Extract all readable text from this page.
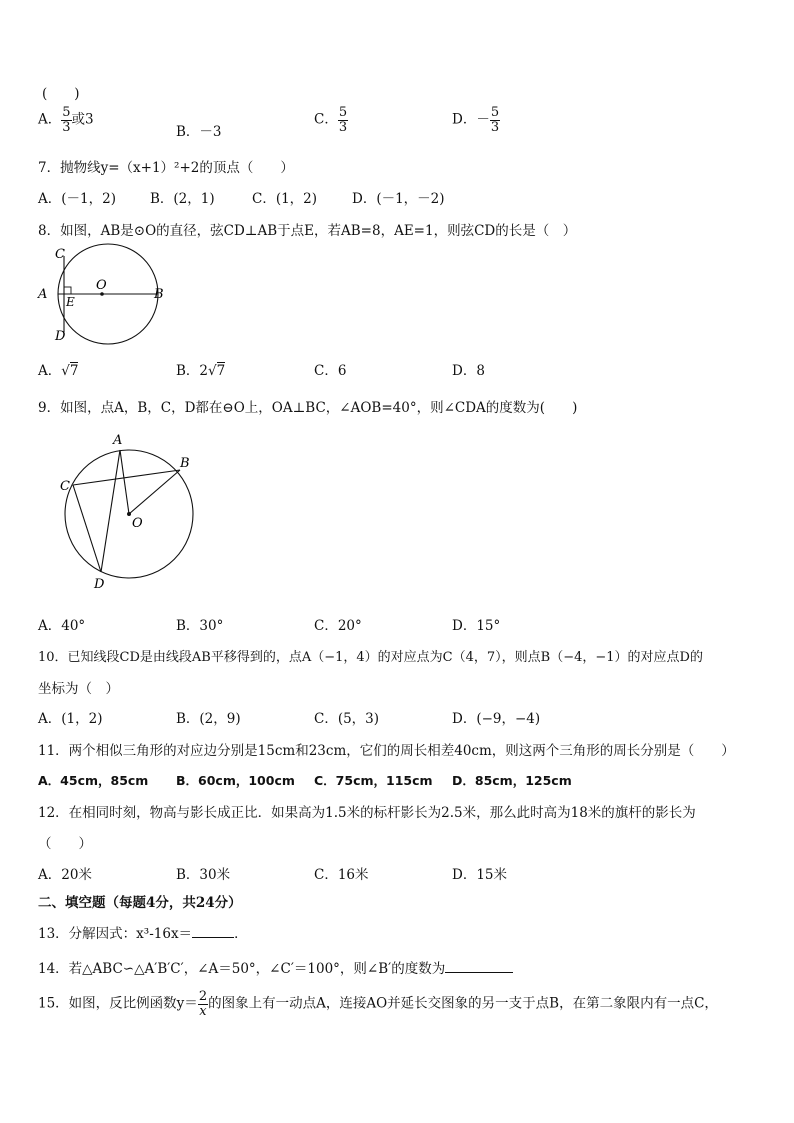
(　　)
A． $\frac{5}{3}$ 或3
B．－3
C． $\frac{5}{3}$	D．－ $\frac{5}{3}$
7．抛物线y=（x+1）²+2的顶点（　　）
A．(－1，2)	B．(2，1)	C．(1，2)	D．(－1，－2)
8．如图，AB是⊙O的直径，弦CD⊥AB于点E，若AB=8，AE=1，则弦CD的长是（　）
A	B
C
D
E
O
A．√7	B．2√7	C．6	D．8
9．如图，点A，B，C，D都在⊖O上，OA⊥BC，∠AOB=40°，则∠CDA的度数为(　　)
A
B
C
D
O
A．40°	B．30°	C．20°	D．15°
10．已知线段CD是由线段AB平移得到的，点A（−1，4）的对应点为C（4，7），则点B（−4，−1）的对应点D的
坐标为（　）
A．(1，2)	B．(2，9)	C．(5，3)	D．(−9，−4)
11．两个相似三角形的对应边分别是15cm和23cm，它们的周长相差40cm，则这两个三角形的周长分别是（　　）
A．45cm，85cm B．60cm，100cm C．75cm，115cm D．85cm，125cm
12．在相同时刻，物高与影长成正比．如果高为1.5米的标杆影长为2.5米，那么此时高为18米的旗杆的影长为
（　　）
A．20米	B．30米	C．16米	D．15米
二、填空题（每题4分，共24分）
13．分解因式：x³-16x＝	．
14．若△ABC∽△A′B′C′，∠A＝50°，∠C′＝100°，则∠B′的度数为
15．如图，反比例函数$y= \frac{2}{x}$ 的图象上有一动点A，连接AO并延长交图象的另一支于点B，在第二象限内有一点C，
